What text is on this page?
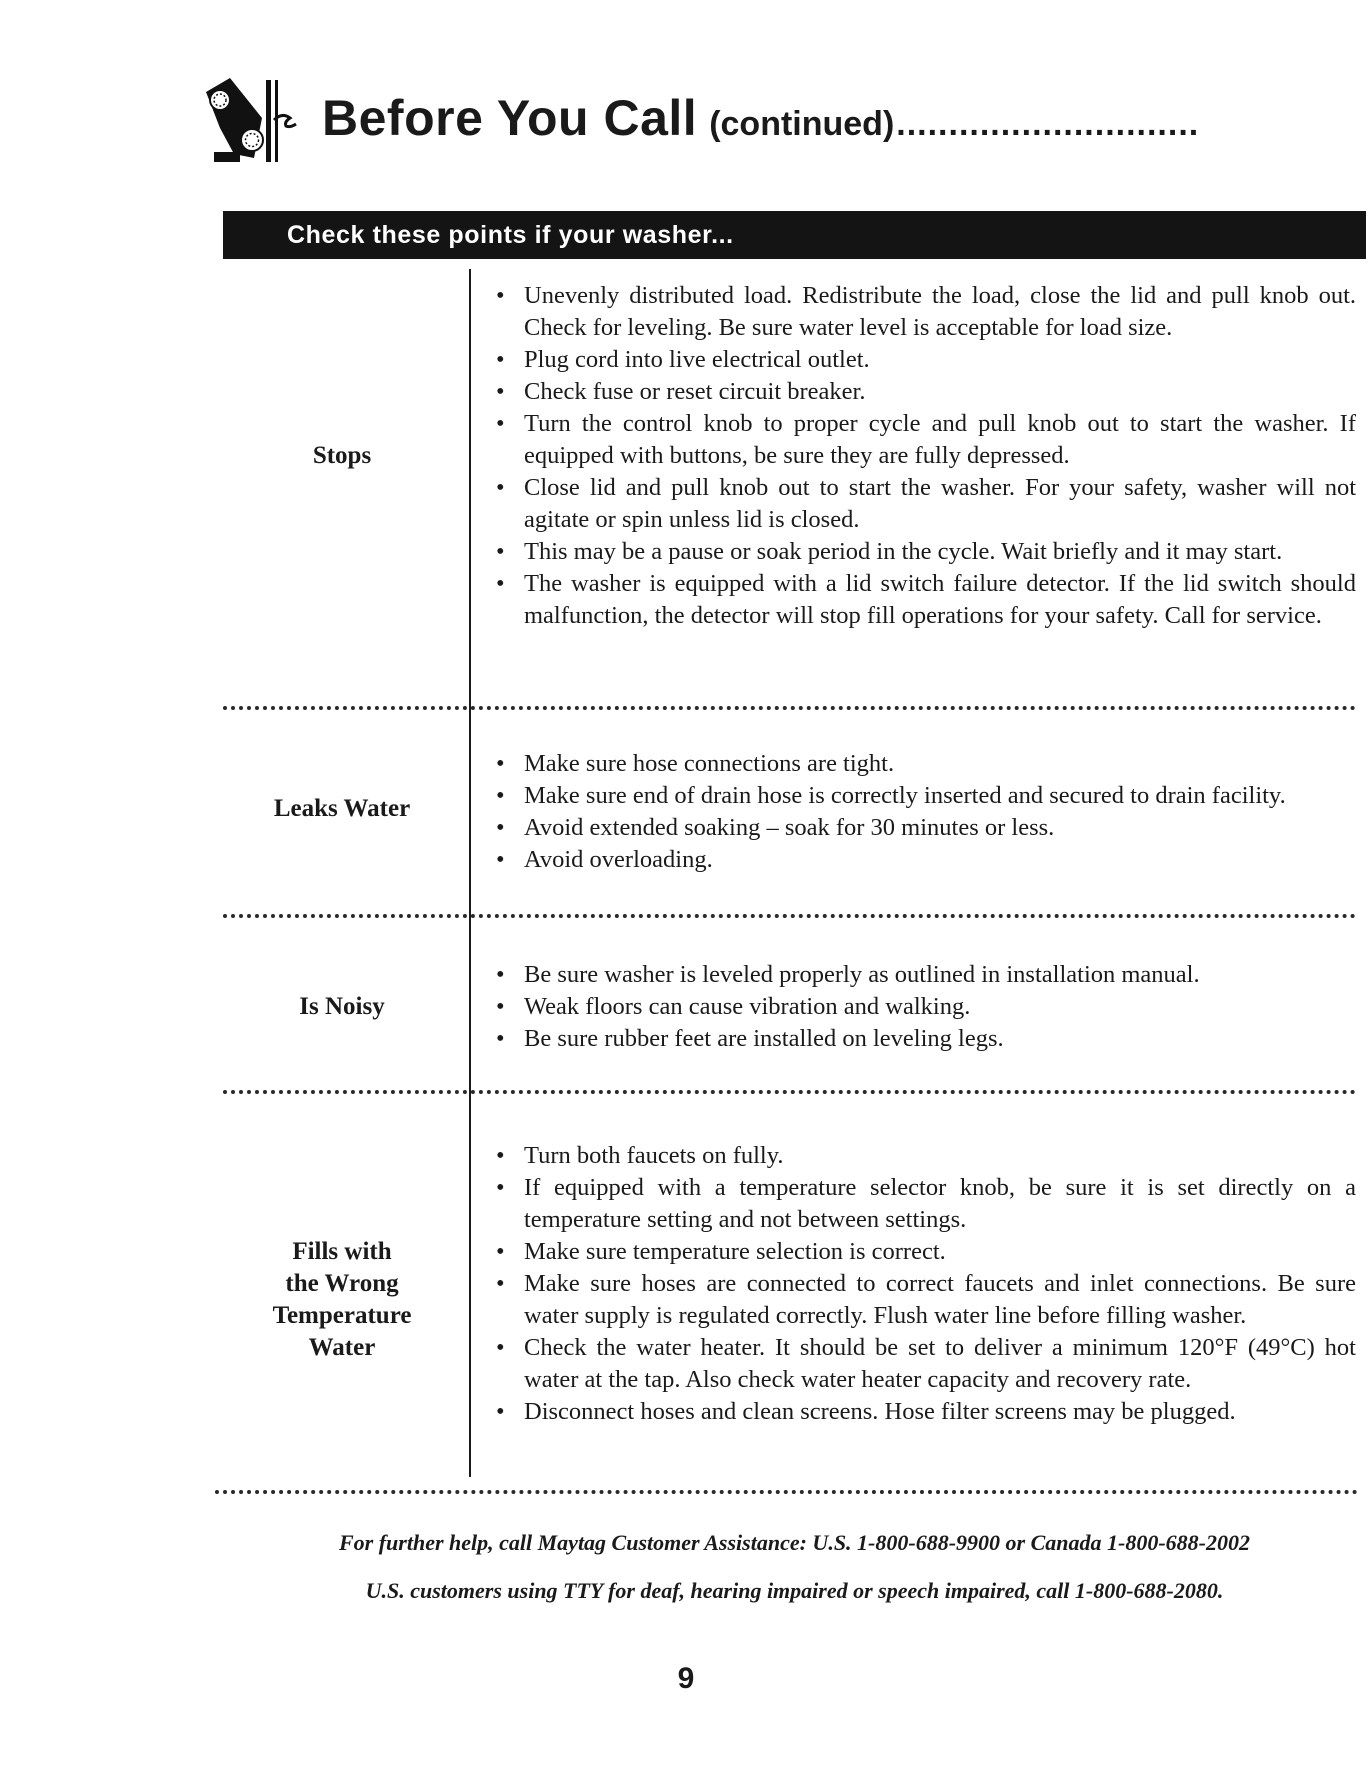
Before You Call (continued) .............................
Check these points if your washer...
Stops
• Unevenly distributed load. Redistribute the load, close the lid and pull knob out. Check for leveling. Be sure water level is acceptable for load size.
• Plug cord into live electrical outlet.
• Check fuse or reset circuit breaker.
• Turn the control knob to proper cycle and pull knob out to start the washer. If equipped with buttons, be sure they are fully depressed.
• Close lid and pull knob out to start the washer. For your safety, washer will not agitate or spin unless lid is closed.
• This may be a pause or soak period in the cycle. Wait briefly and it may start.
• The washer is equipped with a lid switch failure detector. If the lid switch should malfunction, the detector will stop fill operations for your safety. Call for service.
Leaks Water
• Make sure hose connections are tight.
• Make sure end of drain hose is correctly inserted and secured to drain facility.
• Avoid extended soaking – soak for 30 minutes or less.
• Avoid overloading.
Is Noisy
• Be sure washer is leveled properly as outlined in installation manual.
• Weak floors can cause vibration and walking.
• Be sure rubber feet are installed on leveling legs.
Fills with
the Wrong
Temperature
Water
• Turn both faucets on fully.
• If equipped with a temperature selector knob, be sure it is set directly on a temperature setting and not between settings.
• Make sure temperature selection is correct.
• Make sure hoses are connected to correct faucets and inlet connections. Be sure water supply is regulated correctly. Flush water line before filling washer.
• Check the water heater. It should be set to deliver a minimum 120°F (49°C) hot water at the tap. Also check water heater capacity and recovery rate.
• Disconnect hoses and clean screens. Hose filter screens may be plugged.
For further help, call Maytag Customer Assistance: U.S. 1-800-688-9900 or Canada 1-800-688-2002
U.S. customers using TTY for deaf, hearing impaired or speech impaired, call 1-800-688-2080.
9
